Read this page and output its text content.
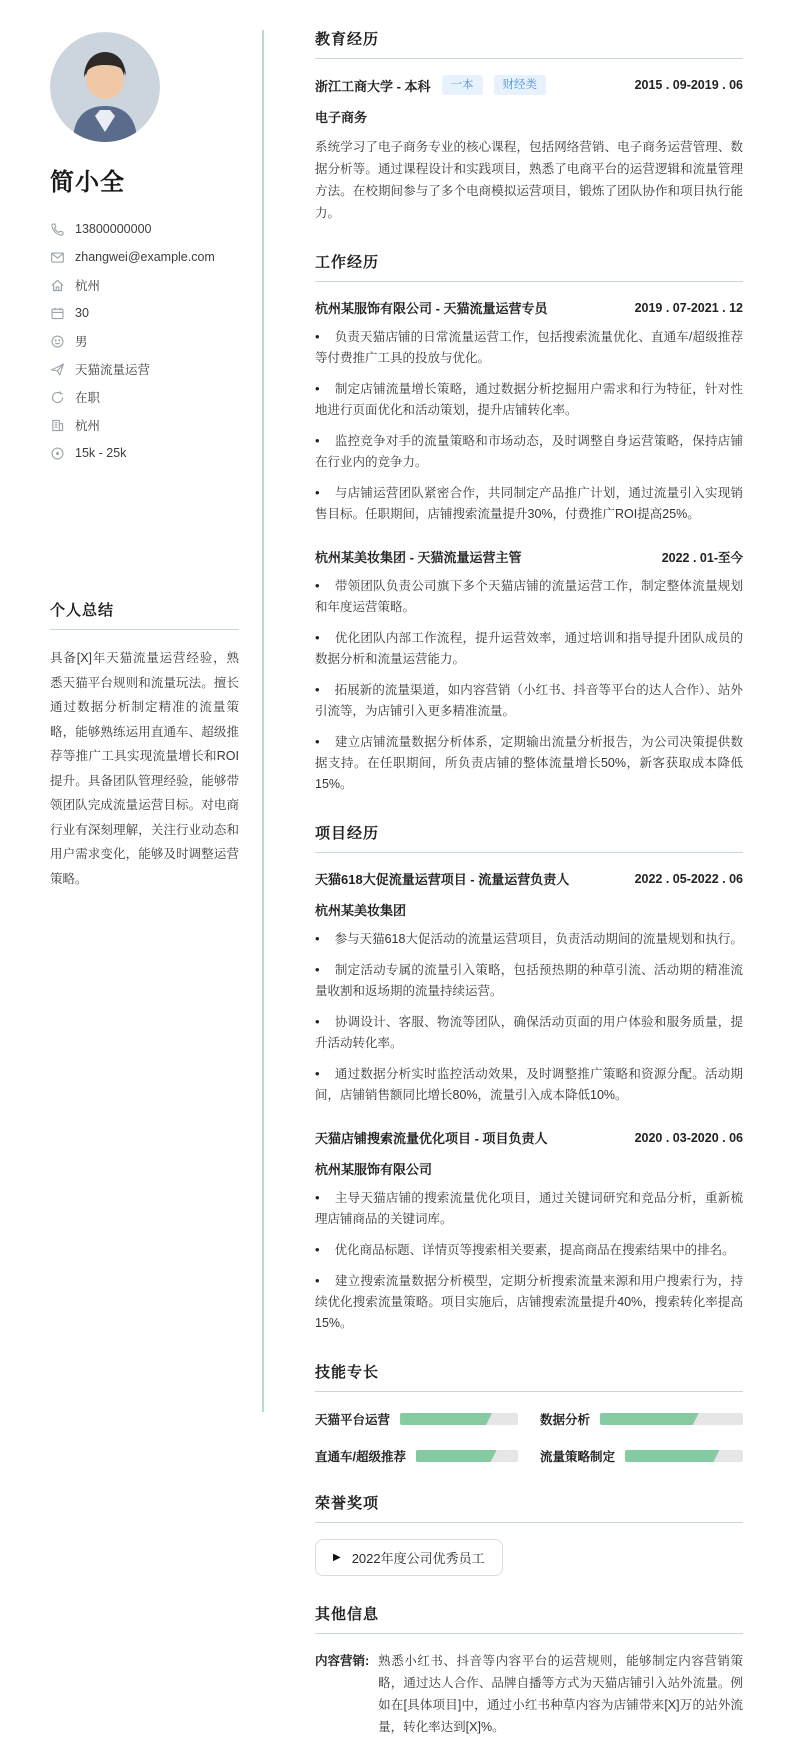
简小全
13800000000
zhangwei@example.com
杭州
30
男
天猫流量运营
在职
杭州
15k - 25k
个人总结

具备[X]年天猫流量运营经验，熟悉天猫平台规则和流量玩法。擅长通过数据分析制定精准的流量策略，能够熟练运用直通车、超级推荐等推广工具实现流量增长和ROI提升。具备团队管理经验，能够带领团队完成流量运营目标。对电商行业有深刻理解，关注行业动态和用户需求变化，能够及时调整运营策略。

教育经历
浙江工商大学 - 本科	一本	财经类	2015 . 09-2019 . 06
电子商务

系统学习了电子商务专业的核心课程，包括网络营销、电子商务运营管理、数据分析等。通过课程设计和实践项目，熟悉了电商平台的运营逻辑和流量管理方法。在校期间参与了多个电商模拟运营项目，锻炼了团队协作和项目执行能力。

工作经历
杭州某服饰有限公司 - 天猫流量运营专员	2019 . 07-2021 . 12

• 负责天猫店铺的日常流量运营工作，包括搜索流量优化、直通车/超级推荐等付费推广工具的投放与优化。

• 制定店铺流量增长策略，通过数据分析挖掘用户需求和行为特征，针对性地进行页面优化和活动策划，提升店铺转化率。

• 监控竞争对手的流量策略和市场动态，及时调整自身运营策略，保持店铺在行业内的竞争力。

• 与店铺运营团队紧密合作，共同制定产品推广计划，通过流量引入实现销售目标。任职期间，店铺搜索流量提升30%，付费推广ROI提高25%。

杭州某美妆集团 - 天猫流量运营主管	2022 . 01-至今

• 带领团队负责公司旗下多个天猫店铺的流量运营工作，制定整体流量规划和年度运营策略。

• 优化团队内部工作流程，提升运营效率，通过培训和指导提升团队成员的数据分析和流量运营能力。

• 拓展新的流量渠道，如内容营销（小红书、抖音等平台的达人合作）、站外引流等，为店铺引入更多精准流量。

• 建立店铺流量数据分析体系，定期输出流量分析报告，为公司决策提供数据支持。在任职期间，所负责店铺的整体流量增长50%，新客获取成本降低15%。

项目经历
天猫618大促流量运营项目 - 流量运营负责人	2022 . 05-2022 . 06
杭州某美妆集团

• 参与天猫618大促活动的流量运营项目，负责活动期间的流量规划和执行。

• 制定活动专属的流量引入策略，包括预热期的种草引流、活动期的精准流量收割和返场期的流量持续运营。

• 协调设计、客服、物流等团队，确保活动页面的用户体验和服务质量，提升活动转化率。

• 通过数据分析实时监控活动效果，及时调整推广策略和资源分配。活动期间，店铺销售额同比增长80%，流量引入成本降低10%。

天猫店铺搜索流量优化项目 - 项目负责人	2020 . 03-2020 . 06
杭州某服饰有限公司

• 主导天猫店铺的搜索流量优化项目，通过关键词研究和竞品分析，重新梳理店铺商品的关键词库。

• 优化商品标题、详情页等搜索相关要素，提高商品在搜索结果中的排名。

• 建立搜索流量数据分析模型，定期分析搜索流量来源和用户搜索行为，持续优化搜索流量策略。项目实施后，店铺搜索流量提升40%，搜索转化率提高15%。

技能专长
天猫平台运营	数据分析
直通车/超级推荐	流量策略制定
荣誉奖项
▶ 2022年度公司优秀员工
其他信息
内容营销: 熟悉小红书、抖音等内容平台的运营规则，能够制定内容营销策略，通过达人合作、品牌自播等方式为天猫店铺引入站外流量。例如在[具体项目]中，通过小红书种草内容为店铺带来[X]万的站外流量，转化率达到[X]%。
